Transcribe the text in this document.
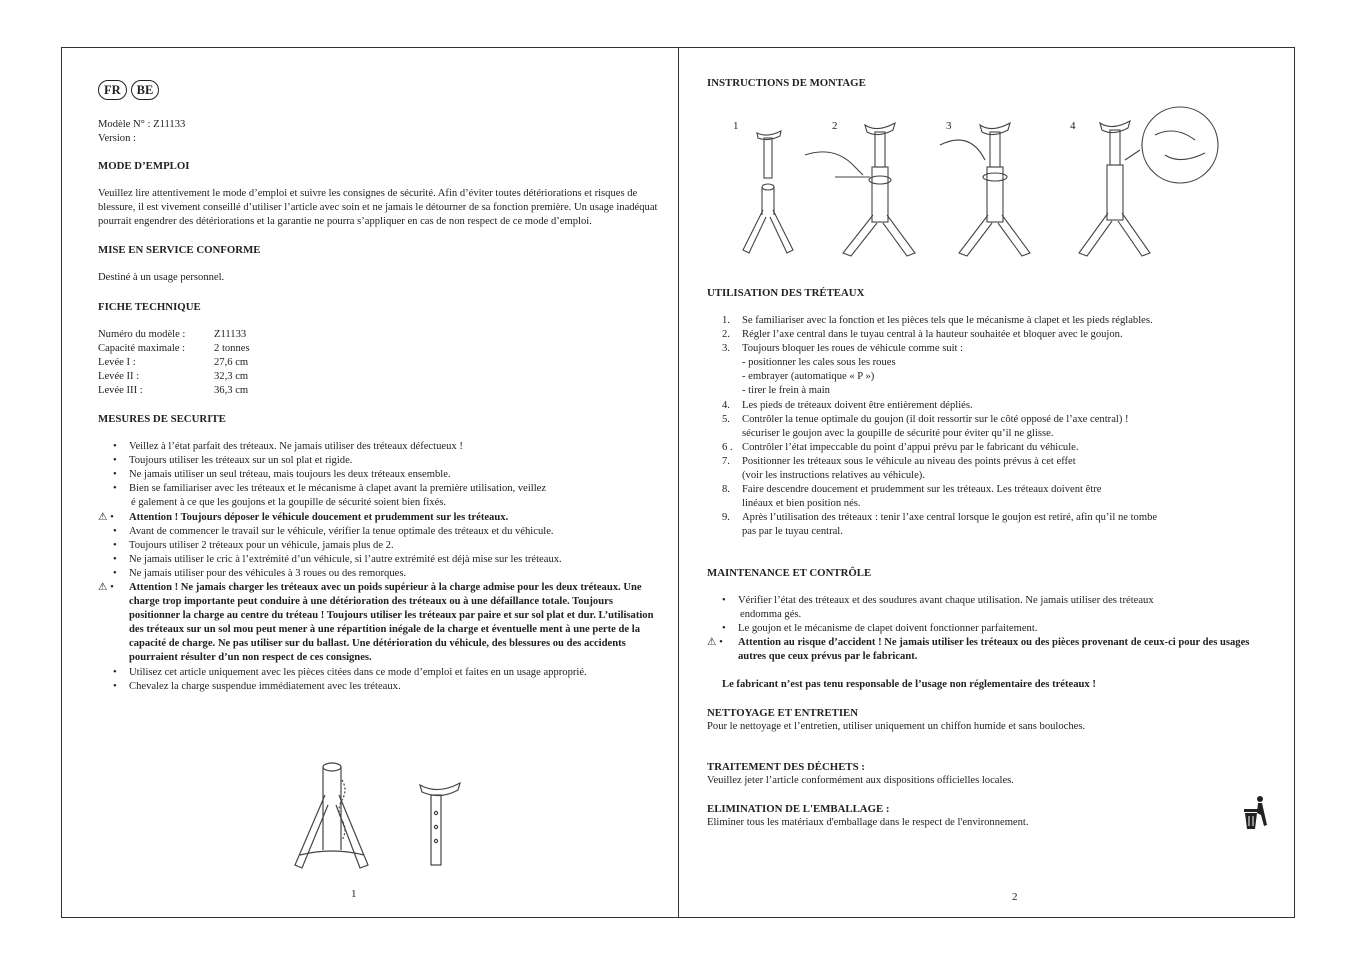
FR	BE

Modèle N° : Z11133

Version :

MODE D’EMPLOI

Veuillez lire attentivement le mode d’emploi et suivre les consignes de sécurité. Afin d’éviter toutes détériorations et risques de blessure, il est vivement conseillé d’utiliser l’article avec soin et ne jamais le détourner de sa fonction première. Un usage inadéquat pourrait engendrer des détériorations et la garantie ne pourra s’appliquer en cas de non respect de ce mode d’emploi.

MISE EN SERVICE CONFORME

Destiné à un usage personnel.

FICHE TECHNIQUE
Numéro du modèle :	Z11133
Capacité maximale :	2 tonnes
Levée I :	27,6 cm
Levée II :	32,3 cm
Levée III :	36,3 cm
MESURES DE SECURITE
• Veillez à l’état parfait des tréteaux. Ne jamais utiliser des tréteaux défectueux !
• Toujours utiliser les tréteaux sur un sol plat et rigide.
• Ne jamais utiliser un seul tréteau, mais toujours les deux tréteaux ensemble.
• Bien se familiariser avec les tréteaux et le mécanisme à clapet avant la première utilisation, veillez
é galement à ce que les goujons et la goupille de sécurité soient bien fixés.
⚠ • Attention ! Toujours déposer le véhicule doucement et prudemment sur les tréteaux.
• Avant de commencer le travail sur le véhicule, vérifier la tenue optimale des tréteaux et du véhicule.
• Toujours utiliser 2 tréteaux pour un véhicule, jamais plus de 2.
• Ne jamais utiliser le cric à l’extrémité d’un véhicule, si l’autre extrémité est déjà mise sur les tréteaux.
• Ne jamais utiliser pour des véhicules à 3 roues ou des remorques.
⚠ • Attention ! Ne jamais charger les tréteaux avec un poids supérieur à la charge admise pour les deux tréteaux. Une charge trop importante peut conduire à une détérioration des tréteaux ou à une défaillance totale. Toujours positionner la charge au centre du tréteau ! Toujours utiliser les tréteaux par paire et sur sol plat et dur. L’utilisation des tréteaux sur un sol mou peut mener à une répartition inégale de la charge et éventuelle ment à une perte de la capacité de charge. Ne pas utiliser sur du ballast. Une détérioration du véhicule, des blessures ou des accidents pourraient résulter d’un non respect de ces consignes.
• Utilisez cet article uniquement avec les pièces citées dans ce mode d’emploi et faites en un usage approprié.
• Chevalez la charge suspendue immédiatement avec les tréteaux.
1
INSTRUCTIONS DE MONTAGE
1	2	3	4
UTILISATION DES TRÉTEAUX
1. Se familiariser avec la fonction et les pièces tels que le mécanisme à clapet et les pieds réglables.
2. Régler l’axe central dans le tuyau central à la hauteur souhaitée et bloquer avec le goujon.
3. Toujours bloquer les roues de véhicule comme suit :
- positionner les cales sous les roues
- embrayer (automatique « P »)
- tirer le frein à main
4. Les pieds de tréteaux doivent être entièrement dépliés.
5. Contrôler la tenue optimale du goujon (il doit ressortir sur le côté opposé de l’axe central) !
sécuriser le goujon avec la goupille de sécurité pour éviter qu’il ne glisse.
6 . Contrôler l’état impeccable du point d’appui prévu par le fabricant du véhicule.
7. Positionner les tréteaux sous le véhicule au niveau des points prévus à cet effet
(voir les instructions relatives au véhicule).
8. Faire descendre doucement et prudemment sur les tréteaux. Les tréteaux doivent être
linéaux et bien position nés.
9. Après l’utilisation des tréteaux : tenir l’axe central lorsque le goujon est retiré, afin qu’il ne tombe
pas par le tuyau central.
MAINTENANCE ET CONTRÔLE
• Vérifier l’état des tréteaux et des soudures avant chaque utilisation. Ne jamais utiliser des tréteaux
endomma gés.
• Le goujon et le mécanisme de clapet doivent fonctionner parfaitement.
⚠ • Attention au risque d’accident ! Ne jamais utiliser les tréteaux ou des pièces provenant de ceux-ci pour des usages autres que ceux prévus par le fabricant.

Le fabricant n’est pas tenu responsable de l’usage non réglementaire des tréteaux !

NETTOYAGE ET ENTRETIEN

Pour le nettoyage et l’entretien, utiliser uniquement un chiffon humide et sans bouloches.

TRAITEMENT DES DÉCHETS :

Veuillez jeter l’article conformément aux dispositions officielles locales.

ELIMINATION DE L'EMBALLAGE :

Eliminer tous les matériaux d'emballage dans le respect de l'environnement.

2
